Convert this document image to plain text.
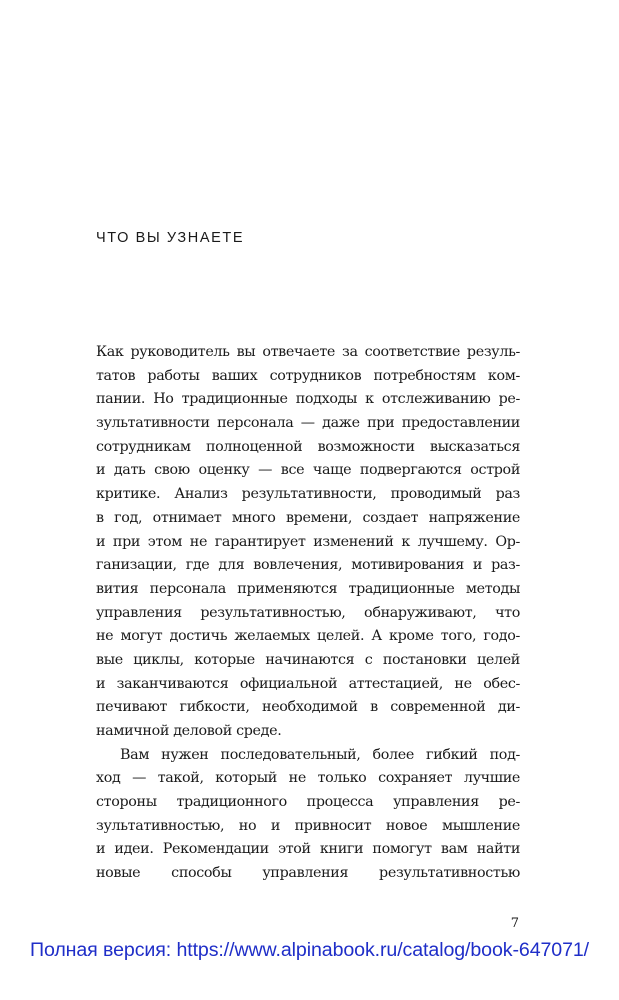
ЧТО ВЫ УЗНАЕТЕ
Как руководитель вы отвечаете за соответствие резуль-
татов работы ваших сотрудников потребностям ком-
пании. Но традиционные подходы к отслеживанию ре-
зультативности персонала — даже при предоставлении
сотрудникам полноценной возможности высказаться
и дать свою оценку — все чаще подвергаются острой
критике. Анализ результативности, проводимый раз
в год, отнимает много времени, создает напряжение
и при этом не гарантирует изменений к лучшему. Ор-
ганизации, где для вовлечения, мотивирования и раз-
вития персонала применяются традиционные методы
управления результативностью, обнаруживают, что
не могут достичь желаемых целей. А кроме того, годо-
вые циклы, которые начинаются с постановки целей
и заканчиваются официальной аттестацией, не обес-
печивают гибкости, необходимой в современной ди-
намичной деловой среде.
Вам нужен последовательный, более гибкий под-
ход — такой, который не только сохраняет лучшие
стороны традиционного процесса управления ре-
зультативностью, но и привносит новое мышление
и идеи. Рекомендации этой книги помогут вам найти
новые способы управления результативностью
7
Полная версия: https://www.alpinabook.ru/catalog/book-647071/
